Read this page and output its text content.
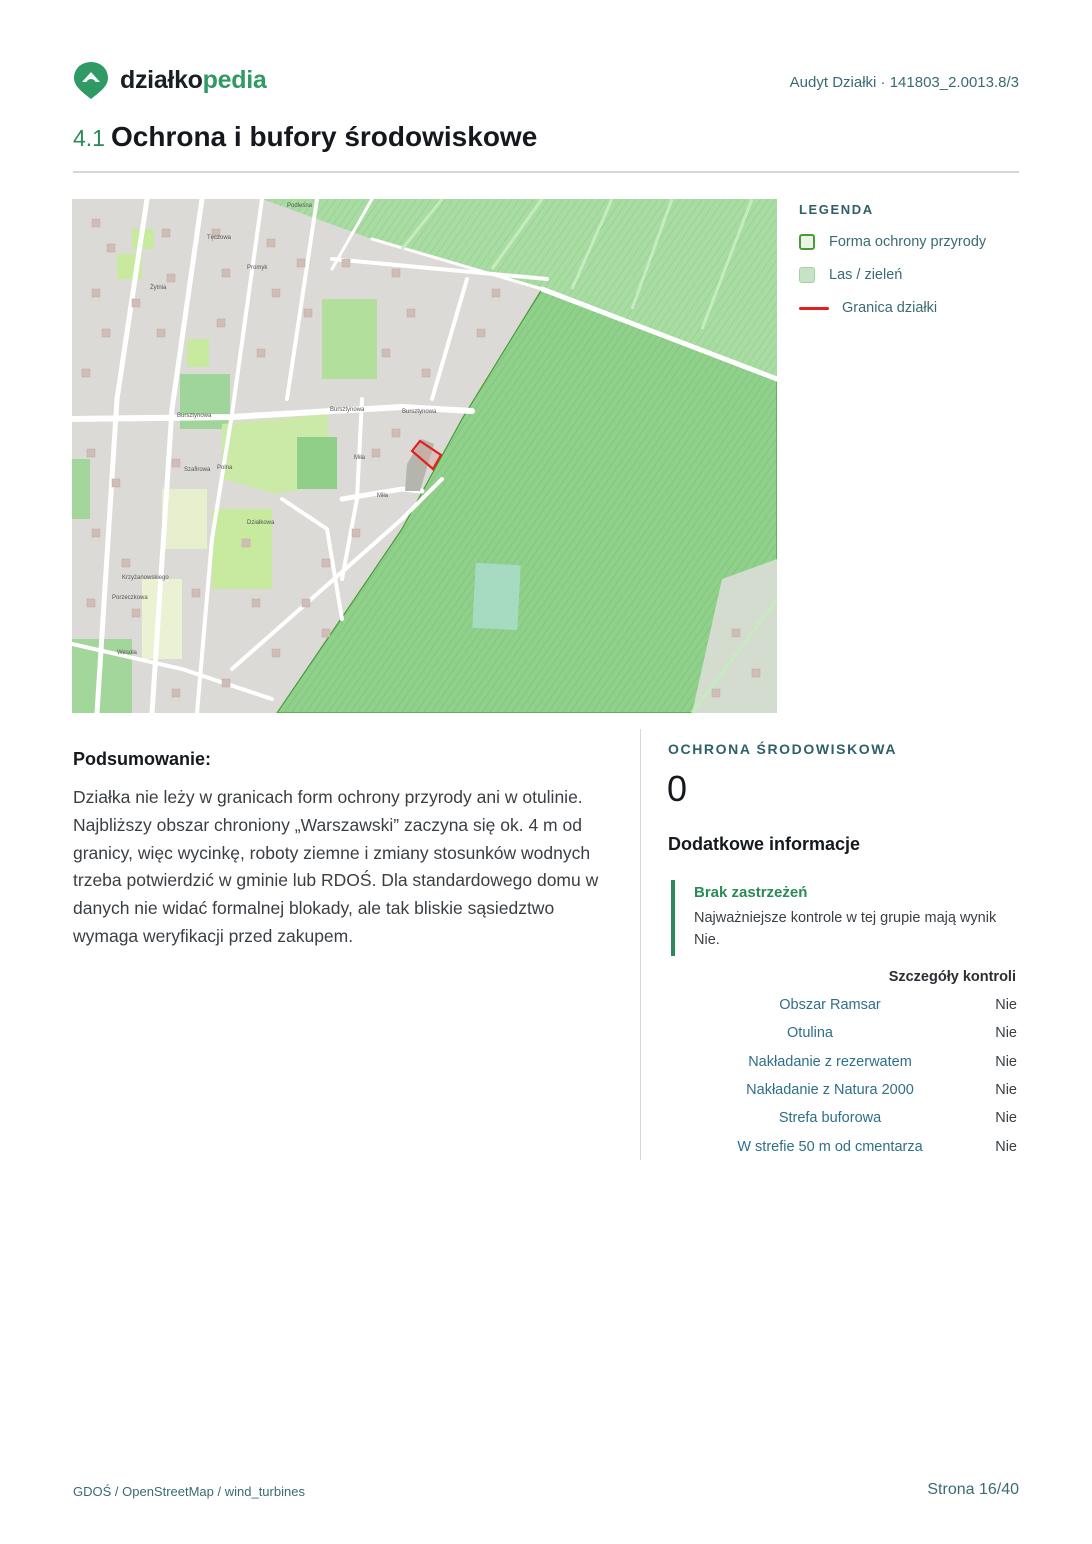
działkopedia	Audyt Działki · 141803_2.0013.8/3
4.1 Ochrona i bufory środowiskowe
Podleśna
Bursztynowa
Bursztynowa	Bursztynowa
Miła
Miła
Działkowa
Żytnia
Szafirowa Polna
Wesoła
Krzyżanowskiego
Porzeczkowa
Tęczowa
Promyk
LEGENDA
Forma ochrony przyrody
Las / zieleń
Granica działki
Podsumowanie:
Działka nie leży w granicach form ochrony przyrody ani w otulinie. Najbliższy obszar chroniony „Warszawski” zaczyna się ok. 4 m od granicy, więc wycinkę, roboty ziemne i zmiany stosunków wodnych trzeba potwierdzić w gminie lub RDOŚ. Dla standardowego domu w danych nie widać formalnej blokady, ale tak bliskie sąsiedztwo wymaga weryfikacji przed zakupem.
OCHRONA ŚRODOWISKOWA
0
Dodatkowe informacje
Brak zastrzeżeń
Najważniejsze kontrole w tej grupie mają wynik Nie.
Szczegóły kontroli
Obszar Ramsar	Nie
Otulina	Nie
Nakładanie z rezerwatem	Nie
Nakładanie z Natura 2000	Nie
Strefa buforowa	Nie
W strefie 50 m od cmentarza	Nie
GDOŚ / OpenStreetMap / wind_turbines	Strona 16/40
